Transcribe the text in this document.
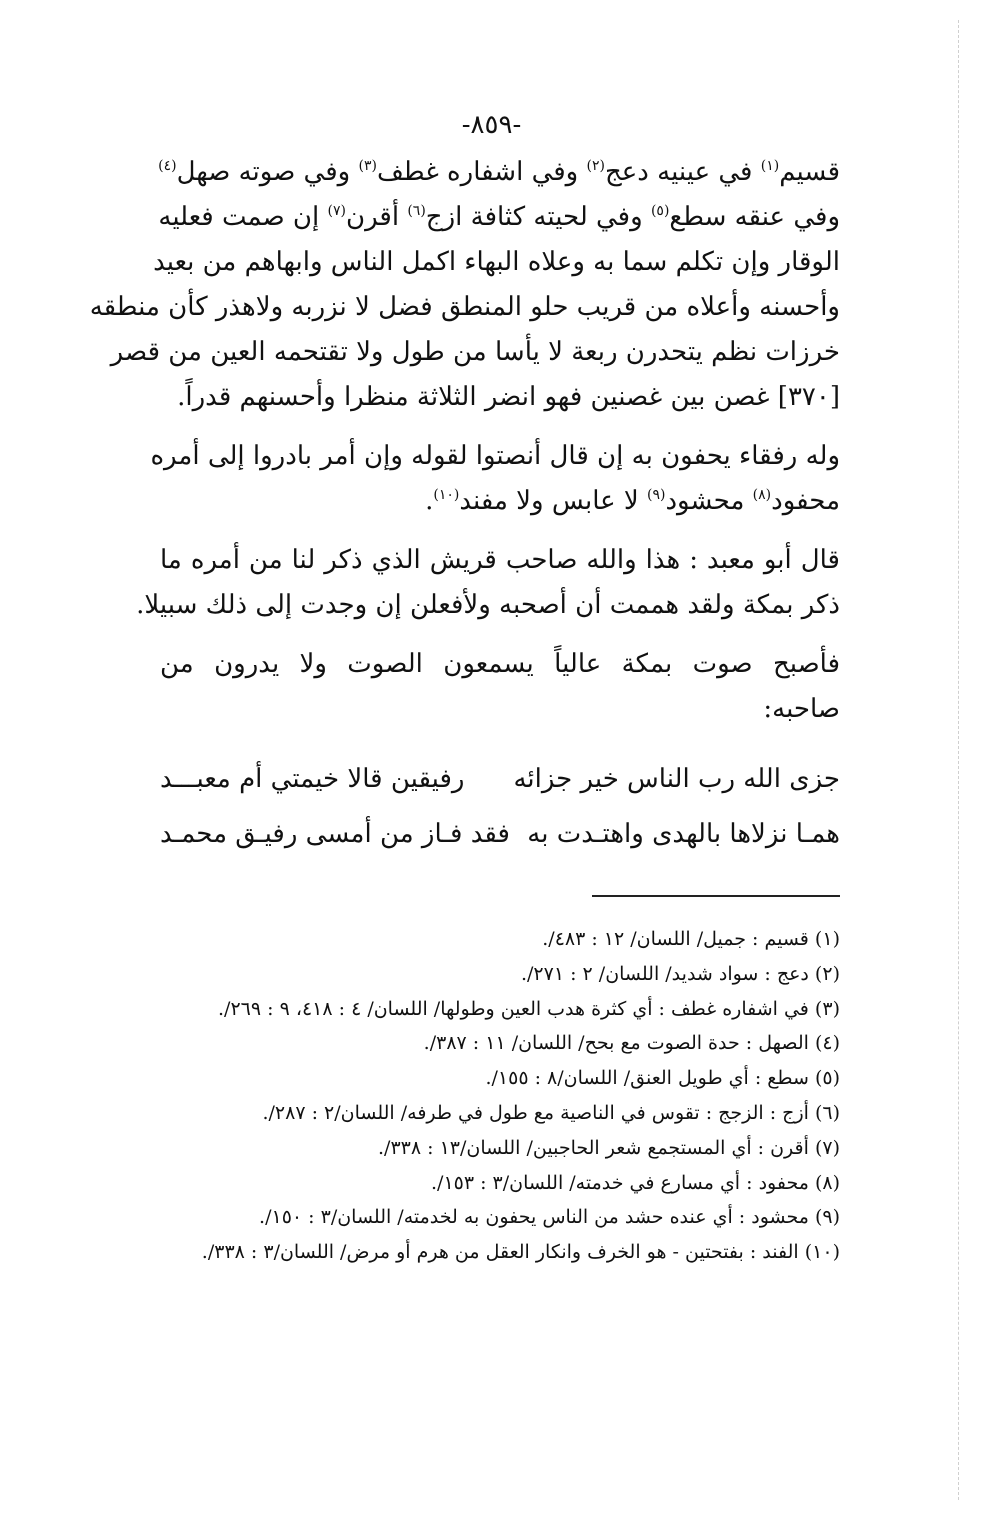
-٨٥٩-
قسيم$^{(١)}$ في عينيه دعج$^{(٢)}$ وفي اشفاره غطف$^{(٣)}$ وفي صوته صهل$^{(٤)}$
وفي عنقه سطع$^{(٥)}$ وفي لحيته كثافة ازج$^{(٦)}$ أقرن$^{(٧)}$ إن صمت فعليه
الوقار وإن تكلم سما به وعلاه البهاء اكمل الناس وابهاهم من بعيد
وأحسنه وأعلاه من قريب حلو المنطق فضل لا نزربه ولاهذر كأن منطقه
خرزات نظم يتحدرن ربعة لا يأسا من طول ولا تقتحمه العين من قصر
[٣٧٠] غصن بين غصنين فهو انضر الثلاثة منظرا وأحسنهم قدراً.
وله رفقاء يحفون به إن قال أنصتوا لقوله وإن أمر بادروا إلى أمره
محفود$^{(٨)}$ محشود$^{(٩)}$ لا عابس ولا مفند$^{(١٠)}$.
قال أبو معبد : هذا والله صاحب قريش الذي ذكر لنا من أمره ما
ذكر بمكة ولقد هممت أن أصحبه ولأفعلن إن وجدت إلى ذلك سبيلا.
فأصبح صوت بمكة عالياً يسمعون الصوت ولا يدرون من
صاحبه:
جزى الله رب الناس خير جزائه
رفيقين قالا خيمتي أم معبـــد
همـا نزلاها بالهدى واهتـدت به
فقد فـاز من أمسى رفيـق محمـد
(١) قسيم : جميل/ اللسان/ ١٢ : ٤٨٣/.
(٢) دعج : سواد شديد/ اللسان/ ٢ : ٢٧١/.
(٣) في اشفاره غطف : أي كثرة هدب العين وطولها/ اللسان/ ٤ : ٤١٨، ٩ : ٢٦٩/.
(٤) الصهل : حدة الصوت مع بحح/ اللسان/ ١١ : ٣٨٧/.
(٥) سطع : أي طويل العنق/ اللسان/٨ : ١٥٥/.
(٦) أزج : الزجج : تقوس في الناصية مع طول في طرفه/ اللسان/٢ : ٢٨٧/.
(٧) أقرن : أي المستجمع شعر الحاجبين/ اللسان/١٣ : ٣٣٨/.
(٨) محفود : أي مسارع في خدمته/ اللسان/٣ : ١٥٣/.
(٩) محشود : أي عنده حشد من الناس يحفون به لخدمته/ اللسان/٣ : ١٥٠/.
(١٠) الفند : بفتحتين - هو الخرف وانكار العقل من هرم أو مرض/ اللسان/٣ : ٣٣٨/.
